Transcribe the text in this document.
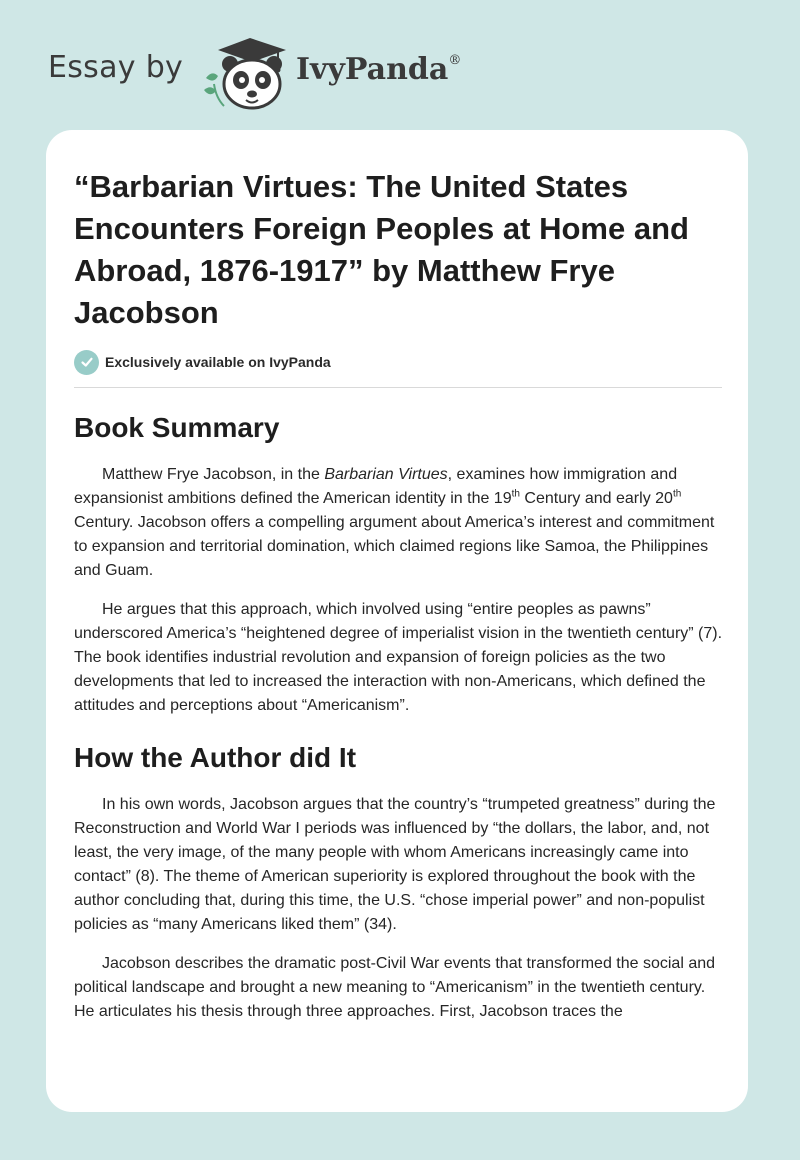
Essay by	IvyPanda®
“Barbarian Virtues: The United States Encounters Foreign Peoples at Home and Abroad, 1876-1917” by Matthew Frye Jacobson
Exclusively available on IvyPanda
Book Summary

Matthew Frye Jacobson, in the Barbarian Virtues, examines how immigration and expansionist ambitions defined the American identity in the 19th Century and early 20th Century. Jacobson offers a compelling argument about America’s interest and commitment to expansion and territorial domination, which claimed regions like Samoa, the Philippines and Guam.

He argues that this approach, which involved using “entire peoples as pawns” underscored America’s “heightened degree of imperialist vision in the twentieth century” (7). The book identifies industrial revolution and expansion of foreign policies as the two developments that led to increased the interaction with non-Americans, which defined the attitudes and perceptions about “Americanism”.

How the Author did It

In his own words, Jacobson argues that the country’s “trumpeted greatness” during the Reconstruction and World War I periods was influenced by “the dollars, the labor, and, not least, the very image, of the many people with whom Americans increasingly came into contact” (8). The theme of American superiority is explored throughout the book with the author concluding that, during this time, the U.S. “chose imperial power” and non-populist policies as “many Americans liked them” (34).

Jacobson describes the dramatic post-Civil War events that transformed the social and political landscape and brought a new meaning to “Americanism” in the twentieth century. He articulates his thesis through three approaches. First, Jacobson traces the
